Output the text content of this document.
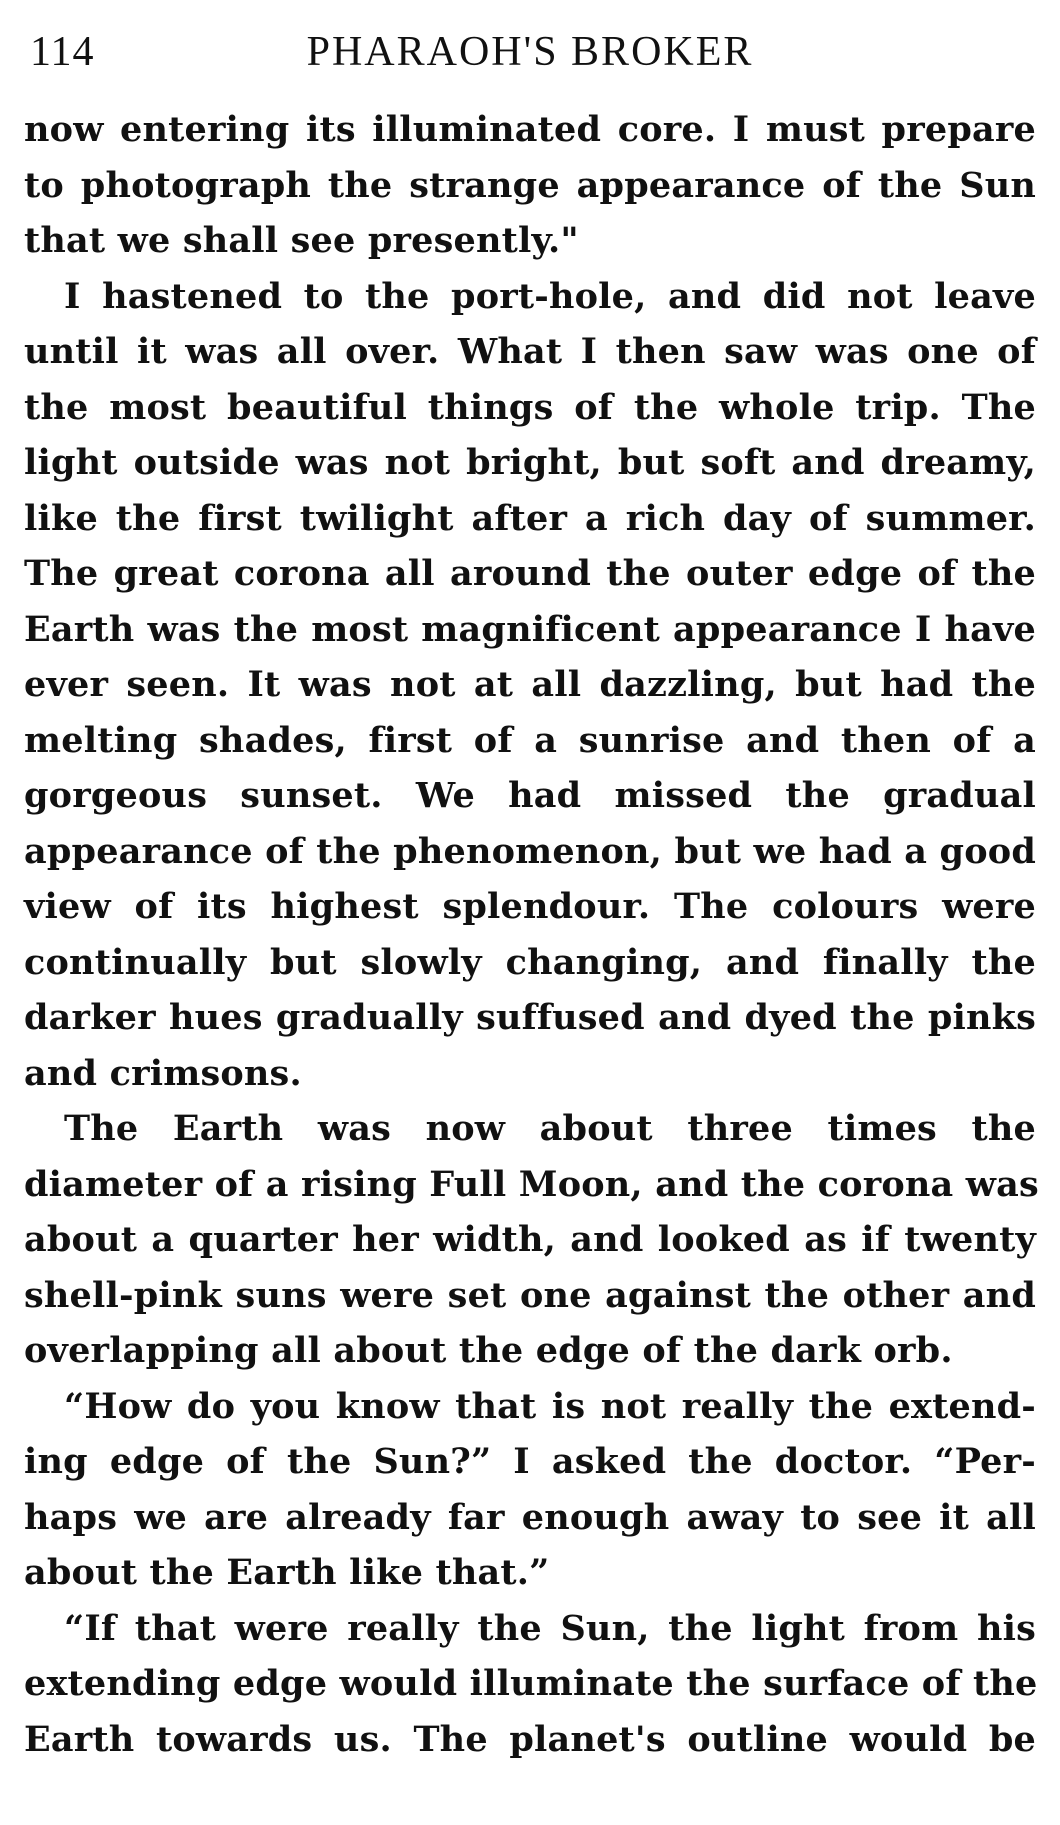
114	PHARAOH'S BROKER

now entering its illuminated core. I must prepare
to photograph the strange appearance of the Sun
that we shall see presently."

I hastened to the port-hole, and did not leave
until it was all over. What I then saw was one of
the most beautiful things of the whole trip. The
light outside was not bright, but soft and dreamy,
like the first twilight after a rich day of summer.
The great corona all around the outer edge of the
Earth was the most magnificent appearance I have
ever seen. It was not at all dazzling, but had the
melting shades, first of a sunrise and then of a
gorgeous sunset. We had missed the gradual
appearance of the phenomenon, but we had a good
view of its highest splendour. The colours were
continually but slowly changing, and finally the
darker hues gradually suffused and dyed the pinks
and crimsons.

The Earth was now about three times the
diameter of a rising Full Moon, and the corona was
about a quarter her width, and looked as if twenty
shell-pink suns were set one against the other and
overlapping all about the edge of the dark orb.

“How do you know that is not really the extend-
ing edge of the Sun?” I asked the doctor. “Per-
haps we are already far enough away to see it all
about the Earth like that.”

“If that were really the Sun, the light from his
extending edge would illuminate the surface of the
Earth towards us. The planet's outline would be
